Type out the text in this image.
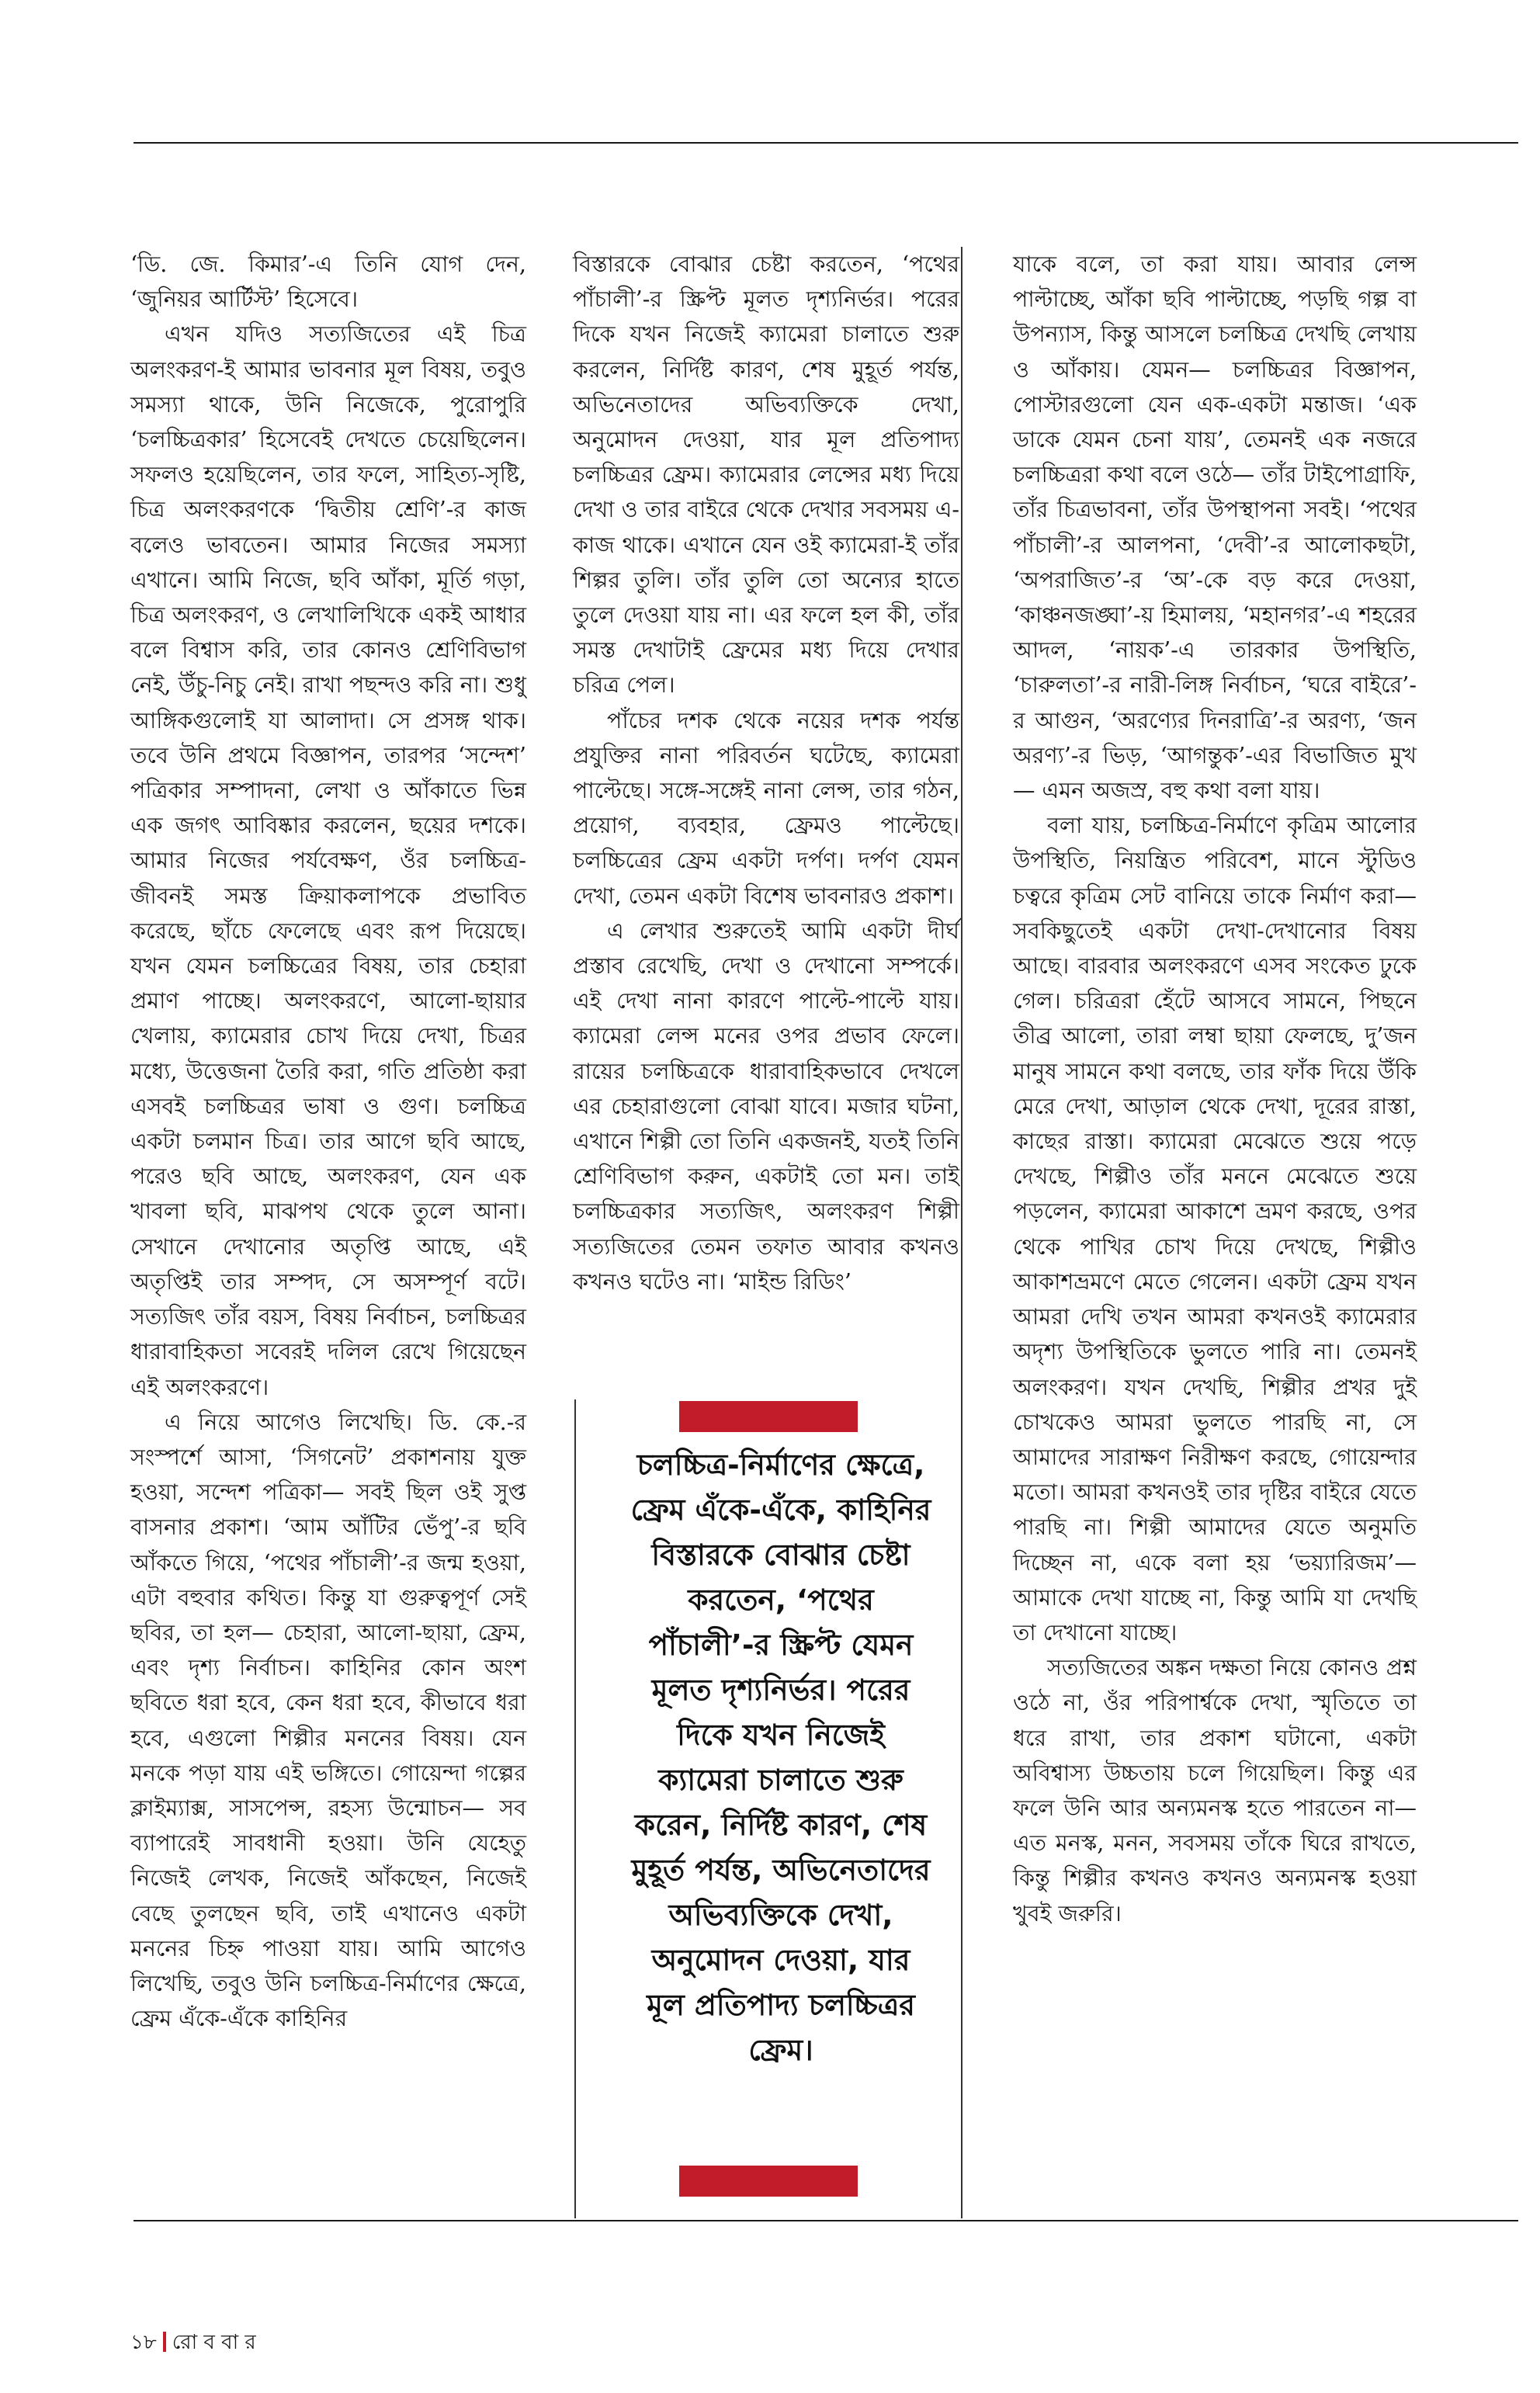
‘ডি. জে. কিমার’-এ তিনি যোগ দেন, ‘জুনিয়র আর্টিস্ট’ হিসেবে।

এখন যদিও সত্যজিতের এই চিত্র অলংকরণ-ই আমার ভাবনার মূল বিষয়, তবুও সমস্যা থাকে, উনি নিজেকে, পুরোপুরি ‘চলচ্চিত্রকার’ হিসেবেই দেখতে চেয়েছিলেন। সফলও হয়েছিলেন, তার ফলে, সাহিত্য-সৃষ্টি, চিত্র অলংকরণকে ‘দ্বিতীয় শ্রেণি’-র কাজ বলেও ভাবতেন। আমার নিজের সমস্যা এখানে। আমি নিজে, ছবি আঁকা, মূর্তি গড়া, চিত্র অলংকরণ, ও লেখালিখিকে একই আধার বলে বিশ্বাস করি, তার কোনও শ্রেণিবিভাগ নেই, উঁচু-নিচু নেই। রাখা পছন্দও করি না। শুধু আঙ্গিকগুলোই যা আলাদা। সে প্রসঙ্গ থাক। তবে উনি প্রথমে বিজ্ঞাপন, তারপর ‘সন্দেশ’ পত্রিকার সম্পাদনা, লেখা ও আঁকাতে ভিন্ন এক জগৎ আবিষ্কার করলেন, ছয়ের দশকে। আমার নিজের পর্যবেক্ষণ, ওঁর চলচ্চিত্র-জীবনই সমস্ত ক্রিয়াকলাপকে প্রভাবিত করেছে, ছাঁচে ফেলেছে এবং রূপ দিয়েছে। যখন যেমন চলচ্চিত্রের বিষয়, তার চেহারা প্রমাণ পাচ্ছে। অলংকরণে, আলো-ছায়ার খেলায়, ক্যামেরার চোখ দিয়ে দেখা, চিত্রর মধ্যে, উত্তেজনা তৈরি করা, গতি প্রতিষ্ঠা করা এসবই চলচ্চিত্রর ভাষা ও গুণ। চলচ্চিত্র একটা চলমান চিত্র। তার আগে ছবি আছে, পরেও ছবি আছে, অলংকরণ, যেন এক খাবলা ছবি, মাঝপথ থেকে তুলে আনা। সেখানে দেখানোর অতৃপ্তি আছে, এই অতৃপ্তিই তার সম্পদ, সে অসম্পূর্ণ বটে। সত্যজিৎ তাঁর বয়স, বিষয় নির্বাচন, চলচ্চিত্রর ধারাবাহিকতা সবেরই দলিল রেখে গিয়েছেন এই অলংকরণে।

এ নিয়ে আগেও লিখেছি। ডি. কে.-র সংস্পর্শে আসা, ‘সিগনেট’ প্রকাশনায় যুক্ত হওয়া, সন্দেশ পত্রিকা— সবই ছিল ওই সুপ্ত বাসনার প্রকাশ। ‘আম আঁটির ভেঁপু’-র ছবি আঁকতে গিয়ে, ‘পথের পাঁচালী’-র জন্ম হওয়া, এটা বহুবার কথিত। কিন্তু যা গুরুত্বপূর্ণ সেই ছবির, তা হল— চেহারা, আলো-ছায়া, ফ্রেম, এবং দৃশ্য নির্বাচন। কাহিনির কোন অংশ ছবিতে ধরা হবে, কেন ধরা হবে, কীভাবে ধরা হবে, এগুলো শিল্পীর মননের বিষয়। যেন মনকে পড়া যায় এই ভঙ্গিতে। গোয়েন্দা গল্পের ক্লাইম্যাক্স, সাসপেন্স, রহস্য উন্মোচন— সব ব্যাপারেই সাবধানী হওয়া। উনি যেহেতু নিজেই লেখক, নিজেই আঁকছেন, নিজেই বেছে তুলছেন ছবি, তাই এখানেও একটা মননের চিহ্ন পাওয়া যায়। আমি আগেও লিখেছি, তবুও উনি চলচ্চিত্র-নির্মাণের ক্ষেত্রে, ফ্রেম এঁকে-এঁকে কাহিনির

বিস্তারকে বোঝার চেষ্টা করতেন, ‘পথের পাঁচালী’-র স্ক্রিপ্ট মূলত দৃশ্যনির্ভর। পরের দিকে যখন নিজেই ক্যামেরা চালাতে শুরু করলেন, নির্দিষ্ট কারণ, শেষ মুহূর্ত পর্যন্ত, অভিনেতাদের অভিব্যক্তিকে দেখা, অনুমোদন দেওয়া, যার মূল প্রতিপাদ্য চলচ্চিত্রর ফ্রেম। ক্যামেরার লেন্সের মধ্য দিয়ে দেখা ও তার বাইরে থেকে দেখার সবসময় এ-কাজ থাকে। এখানে যেন ওই ক্যামেরা-ই তাঁর শিল্পর তুলি। তাঁর তুলি তো অন্যের হাতে তুলে দেওয়া যায় না। এর ফলে হল কী, তাঁর সমস্ত দেখাটাই ফ্রেমের মধ্য দিয়ে দেখার চরিত্র পেল।

পাঁচের দশক থেকে নয়ের দশক পর্যন্ত প্রযুক্তির নানা পরিবর্তন ঘটেছে, ক্যামেরা পাল্টেছে। সঙ্গে-সঙ্গেই নানা লেন্স, তার গঠন, প্রয়োগ, ব্যবহার, ফ্রেমও পাল্টেছে। চলচ্চিত্রের ফ্রেম একটা দর্পণ। দর্পণ যেমন দেখা, তেমন একটা বিশেষ ভাবনারও প্রকাশ।

এ লেখার শুরুতেই আমি একটা দীর্ঘ প্রস্তাব রেখেছি, দেখা ও দেখানো সম্পর্কে। এই দেখা নানা কারণে পাল্টে-পাল্টে যায়। ক্যামেরা লেন্স মনের ওপর প্রভাব ফেলে। রায়ের চলচ্চিত্রকে ধারাবাহিকভাবে দেখলে এর চেহারাগুলো বোঝা যাবে। মজার ঘটনা, এখানে শিল্পী তো তিনি একজনই, যতই তিনি শ্রেণিবিভাগ করুন, একটাই তো মন। তাই চলচ্চিত্রকার সত্যজিৎ, অলংকরণ শিল্পী সত্যজিতের তেমন তফাত আবার কখনও কখনও ঘটেও না। ‘মাইন্ড রিডিং’

চলচ্চিত্র-নির্মাণের ক্ষেত্রে, ফ্রেম এঁকে-এঁকে, কাহিনির বিস্তারকে বোঝার চেষ্টা করতেন, ‘পথের পাঁচালী’-র স্ক্রিপ্ট যেমন মূলত দৃশ্যনির্ভর। পরের দিকে যখন নিজেই ক্যামেরা চালাতে শুরু করেন, নির্দিষ্ট কারণ, শেষ মুহূর্ত পর্যন্ত, অভিনেতাদের অভিব্যক্তিকে দেখা, অনুমোদন দেওয়া, যার মূল প্রতিপাদ্য চলচ্চিত্রর ফ্রেম।

যাকে বলে, তা করা যায়। আবার লেন্স পাল্টাচ্ছে, আঁকা ছবি পাল্টাচ্ছে, পড়ছি গল্প বা উপন্যাস, কিন্তু আসলে চলচ্চিত্র দেখছি লেখায় ও আঁকায়। যেমন— চলচ্চিত্রর বিজ্ঞাপন, পোস্টারগুলো যেন এক-একটা মন্তাজ। ‘এক ডাকে যেমন চেনা যায়’, তেমনই এক নজরে চলচ্চিত্ররা কথা বলে ওঠে— তাঁর টাইপোগ্রাফি, তাঁর চিত্রভাবনা, তাঁর উপস্থাপনা সবই। ‘পথের পাঁচালী’-র আলপনা, ‘দেবী’-র আলোকছটা, ‘অপরাজিত’-র ‘অ’-কে বড় করে দেওয়া, ‘কাঞ্চনজঙ্ঘা’-য় হিমালয়, ‘মহানগর’-এ শহরের আদল, ‘নায়ক’-এ তারকার উপস্থিতি, ‘চারুলতা’-র নারী-লিঙ্গ নির্বাচন, ‘ঘরে বাইরে’-র আগুন, ‘অরণ্যের দিনরাত্রি’-র অরণ্য, ‘জন অরণ্য’-র ভিড়, ‘আগন্তুক’-এর বিভাজিত মুখ— এমন অজস্র, বহু কথা বলা যায়।

বলা যায়, চলচ্চিত্র-নির্মাণে কৃত্রিম আলোর উপস্থিতি, নিয়ন্ত্রিত পরিবেশ, মানে স্টুডিও চত্বরে কৃত্রিম সেট বানিয়ে তাকে নির্মাণ করা— সবকিছুতেই একটা দেখা-দেখানোর বিষয় আছে। বারবার অলংকরণে এসব সংকেত ঢুকে গেল। চরিত্ররা হেঁটে আসবে সামনে, পিছনে তীব্র আলো, তারা লম্বা ছায়া ফেলছে, দু’জন মানুষ সামনে কথা বলছে, তার ফাঁক দিয়ে উঁকি মেরে দেখা, আড়াল থেকে দেখা, দূরের রাস্তা, কাছের রাস্তা। ক্যামেরা মেঝেতে শুয়ে পড়ে দেখছে, শিল্পীও তাঁর মননে মেঝেতে শুয়ে পড়লেন, ক্যামেরা আকাশে ভ্রমণ করছে, ওপর থেকে পাখির চোখ দিয়ে দেখছে, শিল্পীও আকাশভ্রমণে মেতে গেলেন। একটা ফ্রেম যখন আমরা দেখি তখন আমরা কখনওই ক্যামেরার অদৃশ্য উপস্থিতিকে ভুলতে পারি না। তেমনই অলংকরণ। যখন দেখছি, শিল্পীর প্রখর দুই চোখকেও আমরা ভুলতে পারছি না, সে আমাদের সারাক্ষণ নিরীক্ষণ করছে, গোয়েন্দার মতো। আমরা কখনওই তার দৃষ্টির বাইরে যেতে পারছি না। শিল্পী আমাদের যেতে অনুমতি দিচ্ছেন না, একে বলা হয় ‘ভয়্যারিজম’— আমাকে দেখা যাচ্ছে না, কিন্তু আমি যা দেখছি তা দেখানো যাচ্ছে।

সত্যজিতের অঙ্কন দক্ষতা নিয়ে কোনও প্রশ্ন ওঠে না, ওঁর পরিপার্শ্বকে দেখা, স্মৃতিতে তা ধরে রাখা, তার প্রকাশ ঘটানো, একটা অবিশ্বাস্য উচ্চতায় চলে গিয়েছিল। কিন্তু এর ফলে উনি আর অন্যমনস্ক হতে পারতেন না— এত মনস্ক, মনন, সবসময় তাঁকে ঘিরে রাখতে, কিন্তু শিল্পীর কখনও কখনও অন্যমনস্ক হওয়া খুবই জরুরি।

১৮ রো ব বা র
